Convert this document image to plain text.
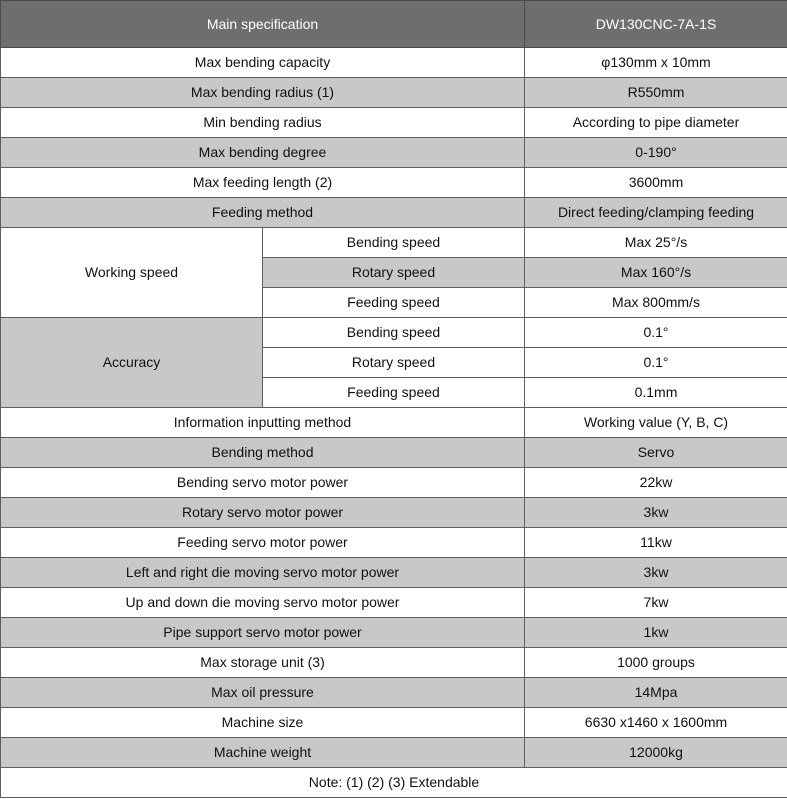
Main specification		DW130CNC-7A-1S
Max bending capacity		φ130mm x 10mm
Max bending radius (1)		R550mm
Min bending radius		According to pipe diameter
Max bending degree		0-190°
Max feeding length (2)		3600mm
Feeding method		Direct feeding/clamping feeding
Working speed	Bending speed	Max 25°/s
	Rotary speed	Max 160°/s
	Feeding speed	Max 800mm/s
Accuracy	Bending speed	0.1°
	Rotary speed	0.1°
	Feeding speed	0.1mm
Information inputting method		Working value (Y, B, C)
Bending method		Servo
Bending servo motor power		22kw
Rotary servo motor power		3kw
Feeding servo motor power		11kw
Left and right die moving servo motor power		3kw
Up and down die moving servo motor power		7kw
Pipe support servo motor power		1kw
Max storage unit (3)		1000 groups
Max oil pressure		14Mpa
Machine size		6630 x1460 x 1600mm
Machine weight		12000kg
Note: (1) (2) (3) Extendable		
